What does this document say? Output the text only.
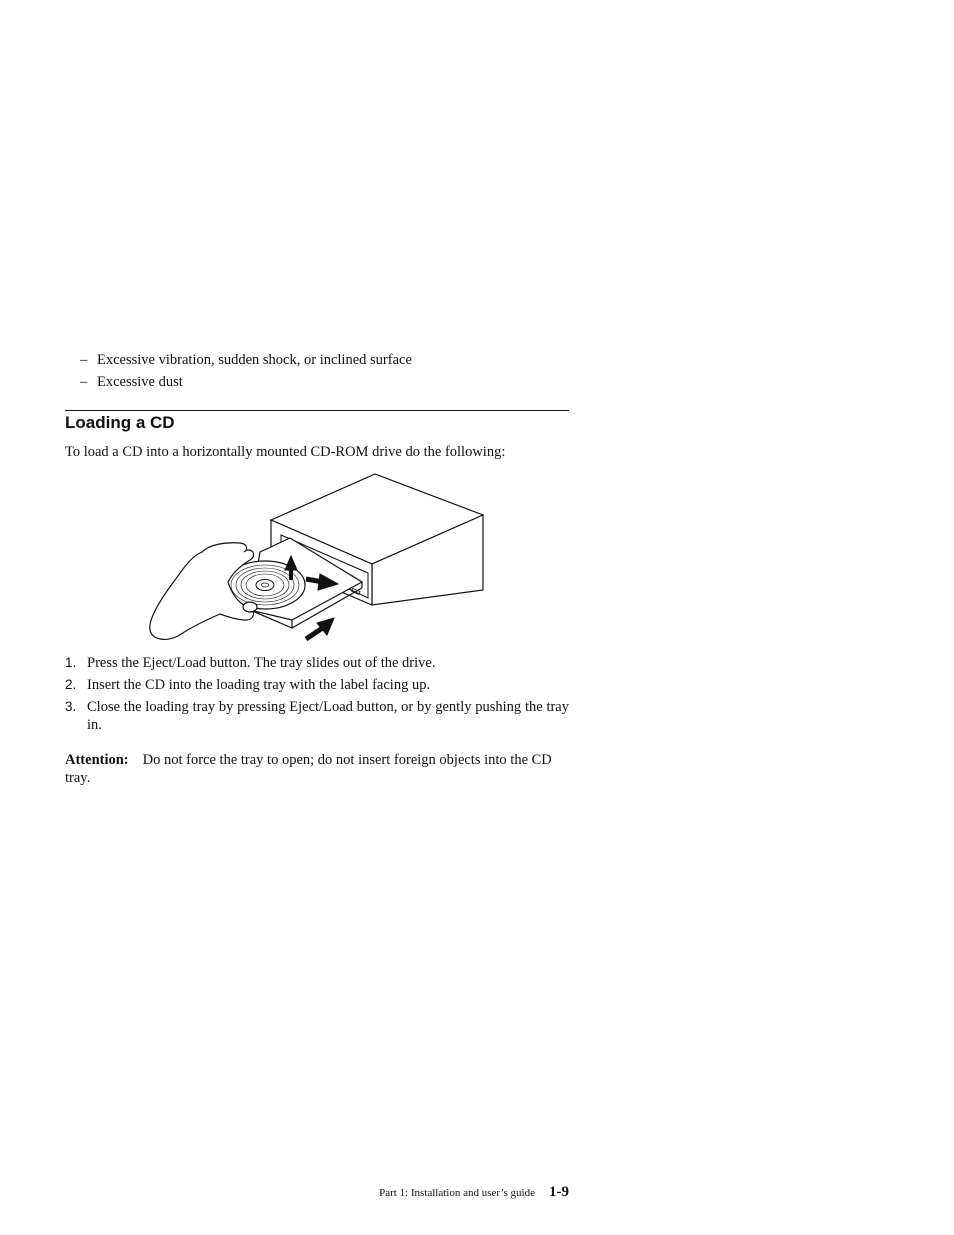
– Excessive vibration, sudden shock, or inclined surface
– Excessive dust
Loading a CD
To load a CD into a horizontally mounted CD-ROM drive do the following:
1. Press the Eject/Load button. The tray slides out of the drive.
2. Insert the CD into the loading tray with the label facing up.
3. Close the loading tray by pressing Eject/Load button, or by gently pushing the tray in.
Attention: Do not force the tray to open; do not insert foreign objects into the CD tray.
Part 1: Installation and user’s guide 1-9
